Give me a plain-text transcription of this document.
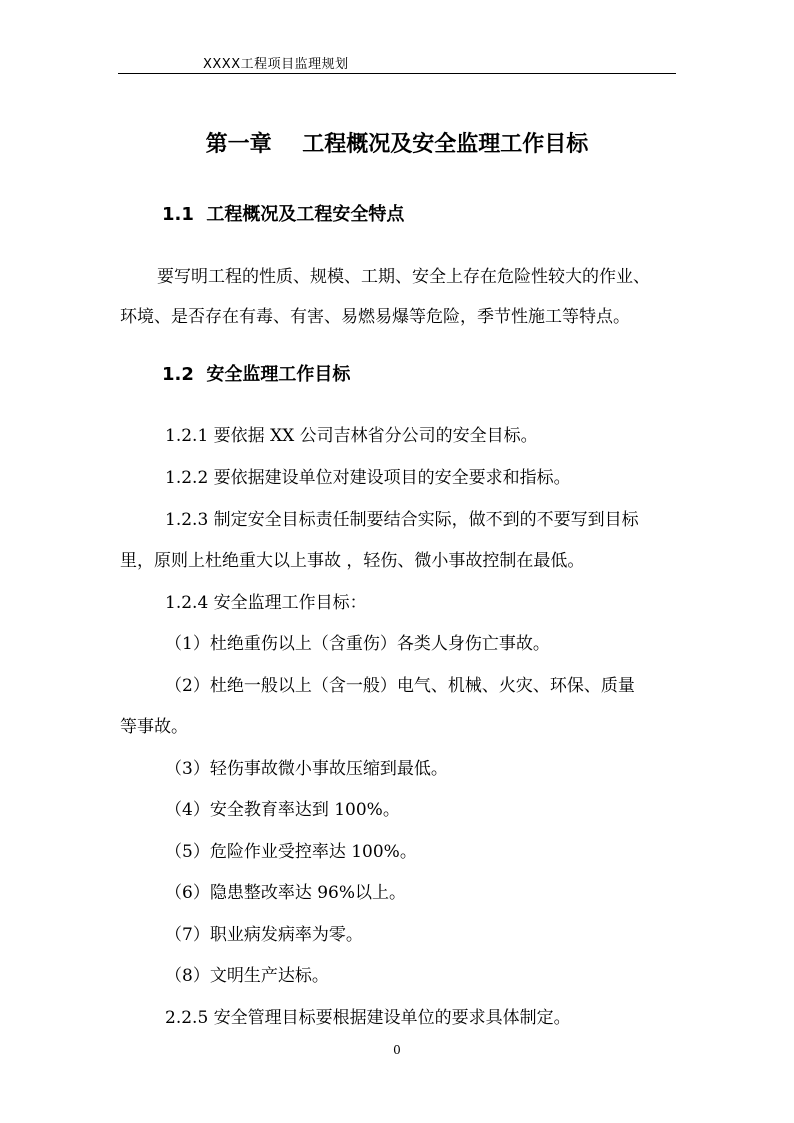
XXXX工程项目监理规划
第一章    工程概况及安全监理工作目标
1.1  工程概况及工程安全特点
要写明工程的性质、规模、工期、安全上存在危险性较大的作业、
环境、是否存在有毒、有害、易燃易爆等危险，季节性施工等特点。
1.2  安全监理工作目标
1.2.1 要依据 XX 公司吉林省分公司的安全目标。
1.2.2 要依据建设单位对建设项目的安全要求和指标。
1.2.3 制定安全目标责任制要结合实际，做不到的不要写到目标
里，原则上杜绝重大以上事故 ，轻伤、微小事故控制在最低。
1.2.4 安全监理工作目标：
（1）杜绝重伤以上（含重伤）各类人身伤亡事故。
（2）杜绝一般以上（含一般）电气、机械、火灾、环保、质量
等事故。
（3）轻伤事故微小事故压缩到最低。
（4）安全教育率达到 100%。
（5）危险作业受控率达 100%。
（6）隐患整改率达 96%以上。
（7）职业病发病率为零。
（8）文明生产达标。
2.2.5 安全管理目标要根据建设单位的要求具体制定。
0
